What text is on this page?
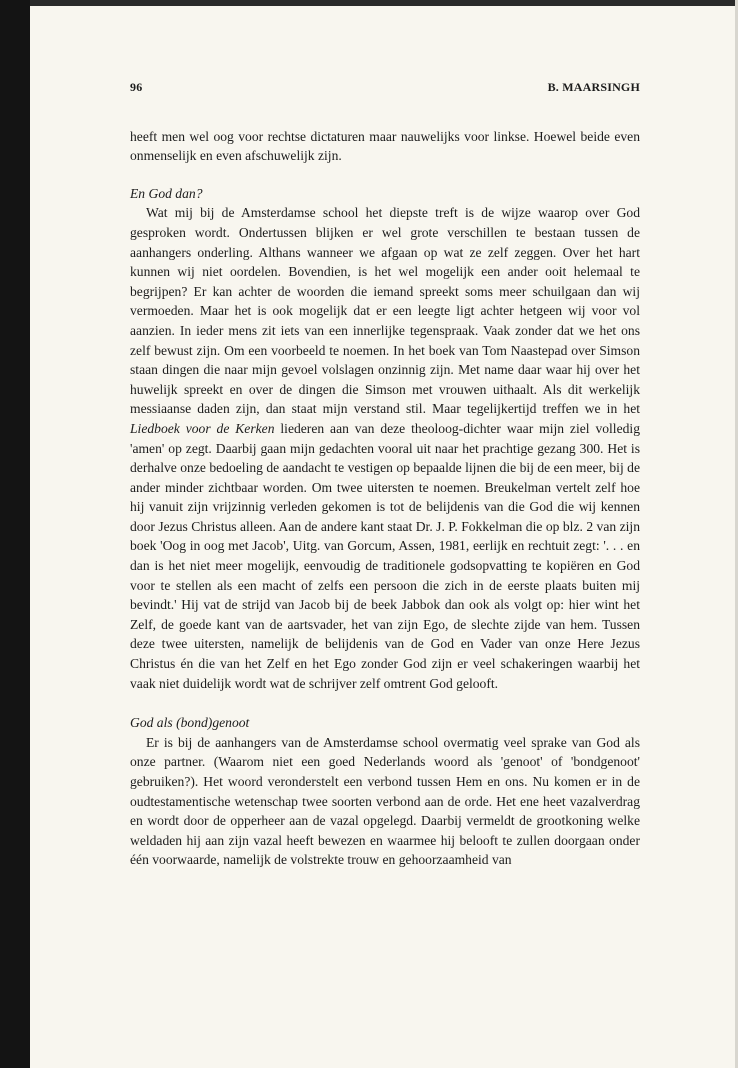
96	B. MAARSINGH

heeft men wel oog voor rechtse dictaturen maar nauwelijks voor linkse. Hoewel beide even onmenselijk en even afschuwelijk zijn.

En God dan?

Wat mij bij de Amsterdamse school het diepste treft is de wijze waarop over God gesproken wordt. Ondertussen blijken er wel grote verschillen te bestaan tussen de aanhangers onderling. Althans wanneer we afgaan op wat ze zelf zeggen. Over het hart kunnen wij niet oordelen. Bovendien, is het wel mogelijk een ander ooit helemaal te begrijpen? Er kan achter de woorden die iemand spreekt soms meer schuilgaan dan wij vermoeden. Maar het is ook mogelijk dat er een leegte ligt achter hetgeen wij voor vol aanzien. In ieder mens zit iets van een innerlijke tegenspraak. Vaak zonder dat we het ons zelf bewust zijn. Om een voorbeeld te noemen. In het boek van Tom Naastepad over Simson staan dingen die naar mijn gevoel volslagen onzinnig zijn. Met name daar waar hij over het huwelijk spreekt en over de dingen die Simson met vrouwen uithaalt. Als dit werkelijk messiaanse daden zijn, dan staat mijn verstand stil. Maar tegelijkertijd treffen we in het Liedboek voor de Kerken liederen aan van deze theoloog-dichter waar mijn ziel volledig 'amen' op zegt. Daarbij gaan mijn gedachten vooral uit naar het prachtige gezang 300. Het is derhalve onze bedoeling de aandacht te vestigen op bepaalde lijnen die bij de een meer, bij de ander minder zichtbaar worden. Om twee uitersten te noemen. Breukelman vertelt zelf hoe hij vanuit zijn vrijzinnig verleden gekomen is tot de belijdenis van die God die wij kennen door Jezus Christus alleen. Aan de andere kant staat Dr. J. P. Fokkelman die op blz. 2 van zijn boek 'Oog in oog met Jacob', Uitg. van Gorcum, Assen, 1981, eerlijk en rechtuit zegt: '. . . en dan is het niet meer mogelijk, eenvoudig de traditionele godsopvatting te kopiëren en God voor te stellen als een macht of zelfs een persoon die zich in de eerste plaats buiten mij bevindt.' Hij vat de strijd van Jacob bij de beek Jabbok dan ook als volgt op: hier wint het Zelf, de goede kant van de aartsvader, het van zijn Ego, de slechte zijde van hem. Tussen deze twee uitersten, namelijk de belijdenis van de God en Vader van onze Here Jezus Christus én die van het Zelf en het Ego zonder God zijn er veel schakeringen waarbij het vaak niet duidelijk wordt wat de schrijver zelf omtrent God gelooft.

God als (bond)genoot

Er is bij de aanhangers van de Amsterdamse school overmatig veel sprake van God als onze partner. (Waarom niet een goed Nederlands woord als 'genoot' of 'bondgenoot' gebruiken?). Het woord veronderstelt een verbond tussen Hem en ons. Nu komen er in de oudtestamentische wetenschap twee soorten verbond aan de orde. Het ene heet vazalverdrag en wordt door de opperheer aan de vazal opgelegd. Daarbij vermeldt de grootkoning welke weldaden hij aan zijn vazal heeft bewezen en waarmee hij belooft te zullen doorgaan onder één voorwaarde, namelijk de volstrekte trouw en gehoorzaamheid van
